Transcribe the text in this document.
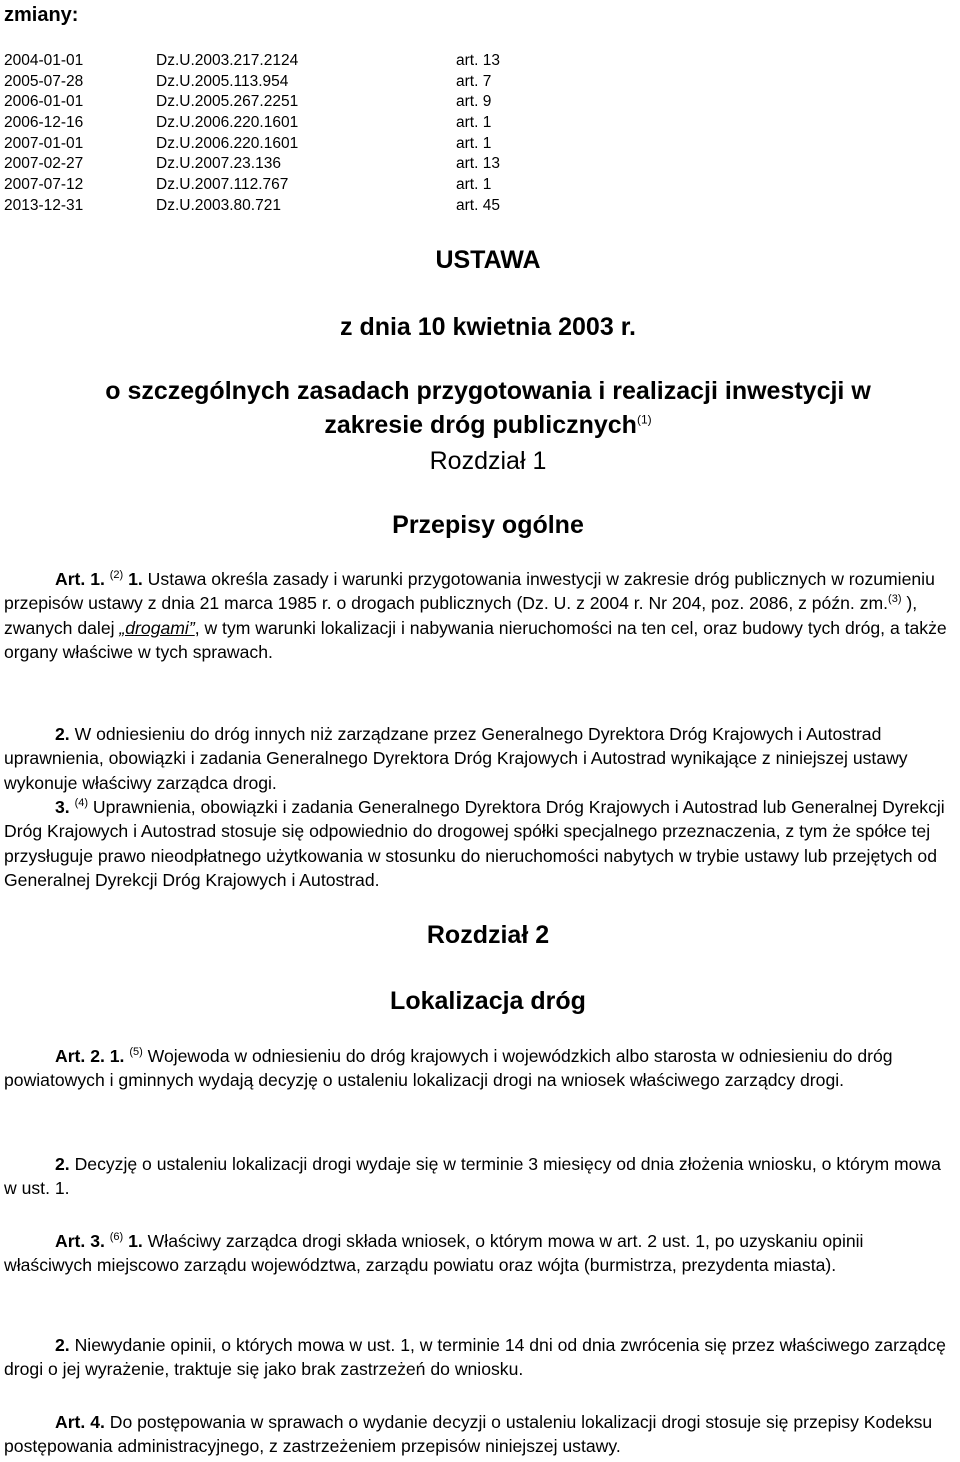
zmiany:
2004-01-01	Dz.U.2003.217.2124	art. 13
2005-07-28	Dz.U.2005.113.954	art. 7
2006-01-01	Dz.U.2005.267.2251	art. 9
2006-12-16	Dz.U.2006.220.1601	art. 1
2007-01-01	Dz.U.2006.220.1601	art. 1
2007-02-27	Dz.U.2007.23.136	art. 13
2007-07-12	Dz.U.2007.112.767	art. 1
2013-12-31	Dz.U.2003.80.721	art. 45
USTAWA
z dnia 10 kwietnia 2003 r.
o szczególnych zasadach przygotowania i realizacji inwestycji w
zakresie dróg publicznych$^{(1)}$
Rozdział 1
Przepisy ogólne
Art. 1. $^{(2)}$ 1. Ustawa określa zasady i warunki przygotowania inwestycji w zakresie dróg publicznych w rozumieniu przepisów ustawy z dnia 21 marca 1985 r. o drogach publicznych (Dz. U. z 2004 r. Nr 204, poz. 2086, z późn. zm.$^{(3)}$ ), zwanych dalej „drogami”, w tym warunki lokalizacji i nabywania nieruchomości na ten cel, oraz budowy tych dróg, a także organy właściwe w tych sprawach.
2. W odniesieniu do dróg innych niż zarządzane przez Generalnego Dyrektora Dróg Krajowych i Autostrad uprawnienia, obowiązki i zadania Generalnego Dyrektora Dróg Krajowych i Autostrad wynikające z niniejszej ustawy wykonuje właściwy zarządca drogi.
3. $^{(4)}$ Uprawnienia, obowiązki i zadania Generalnego Dyrektora Dróg Krajowych i Autostrad lub Generalnej Dyrekcji Dróg Krajowych i Autostrad stosuje się odpowiednio do drogowej spółki specjalnego przeznaczenia, z tym że spółce tej przysługuje prawo nieodpłatnego użytkowania w stosunku do nieruchomości nabytych w trybie ustawy lub przejętych od Generalnej Dyrekcji Dróg Krajowych i Autostrad.
Rozdział 2
Lokalizacja dróg
Art. 2. 1. $^{(5)}$ Wojewoda w odniesieniu do dróg krajowych i wojewódzkich albo starosta w odniesieniu do dróg powiatowych i gminnych wydają decyzję o ustaleniu lokalizacji drogi na wniosek właściwego zarządcy drogi.
2. Decyzję o ustaleniu lokalizacji drogi wydaje się w terminie 3 miesięcy od dnia złożenia wniosku, o którym mowa w ust. 1.
Art. 3. $^{(6)}$ 1. Właściwy zarządca drogi składa wniosek, o którym mowa w art. 2 ust. 1, po uzyskaniu opinii właściwych miejscowo zarządu województwa, zarządu powiatu oraz wójta (burmistrza, prezydenta miasta).
2. Niewydanie opinii, o których mowa w ust. 1, w terminie 14 dni od dnia zwrócenia się przez właściwego zarządcę drogi o jej wyrażenie, traktuje się jako brak zastrzeżeń do wniosku.
Art. 4. Do postępowania w sprawach o wydanie decyzji o ustaleniu lokalizacji drogi stosuje się przepisy Kodeksu postępowania administracyjnego, z zastrzeżeniem przepisów niniejszej ustawy.
